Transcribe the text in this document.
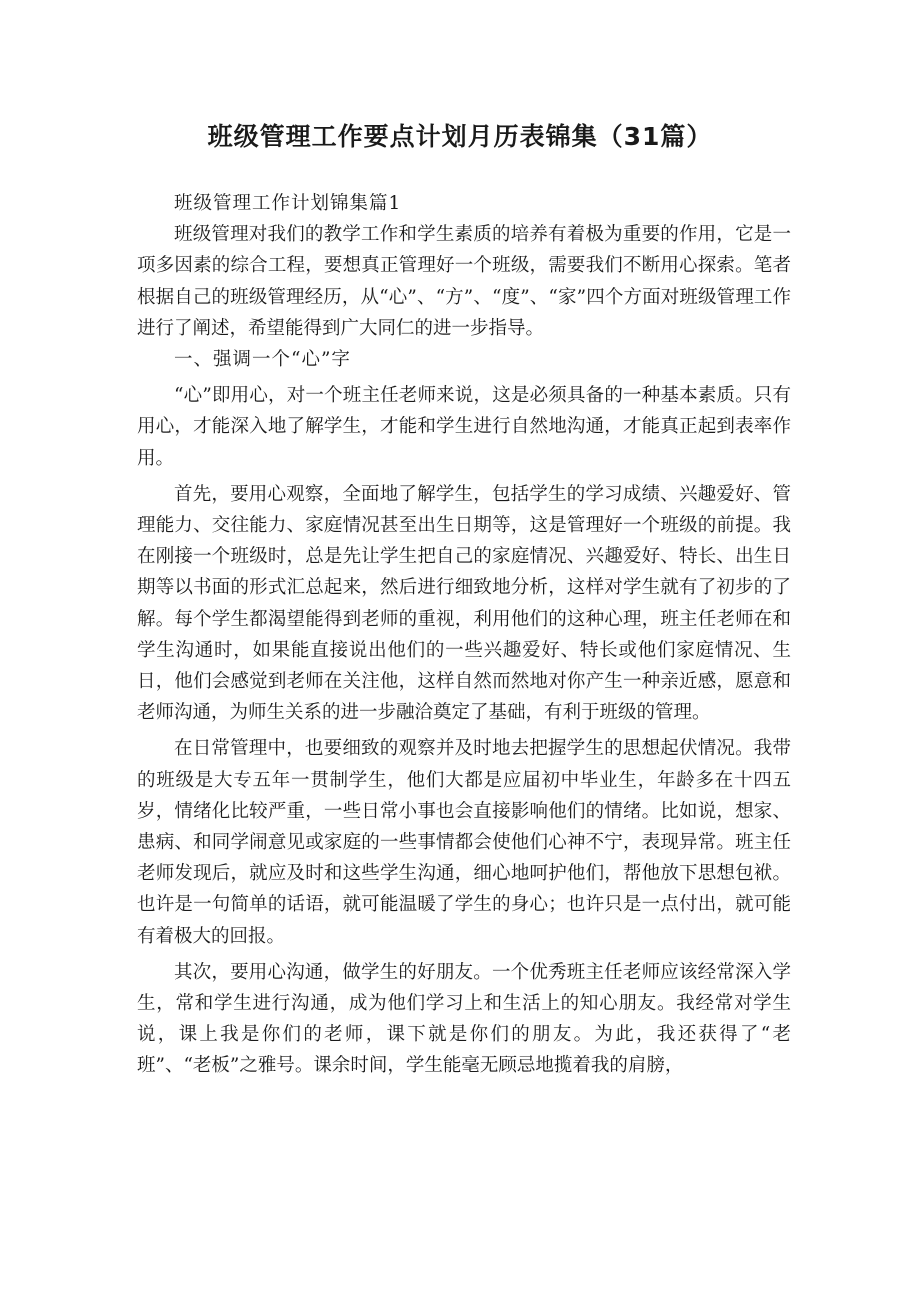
班级管理工作要点计划月历表锦集（31篇）

班级管理工作计划锦集篇1

班级管理对我们的教学工作和学生素质的培养有着极为重要的作用，它是一项多因素的综合工程，要想真正管理好一个班级，需要我们不断用心探索。笔者根据自己的班级管理经历，从“心”、“方”、“度”、“家”四个方面对班级管理工作进行了阐述，希望能得到广大同仁的进一步指导。

一、强调一个“心”字

“心”即用心，对一个班主任老师来说，这是必须具备的一种基本素质。只有用心，才能深入地了解学生，才能和学生进行自然地沟通，才能真正起到表率作用。

首先，要用心观察，全面地了解学生，包括学生的学习成绩、兴趣爱好、管理能力、交往能力、家庭情况甚至出生日期等，这是管理好一个班级的前提。我在刚接一个班级时，总是先让学生把自己的家庭情况、兴趣爱好、特长、出生日期等以书面的形式汇总起来，然后进行细致地分析，这样对学生就有了初步的了解。每个学生都渴望能得到老师的重视，利用他们的这种心理，班主任老师在和学生沟通时，如果能直接说出他们的一些兴趣爱好、特长或他们家庭情况、生日，他们会感觉到老师在关注他，这样自然而然地对你产生一种亲近感，愿意和老师沟通，为师生关系的进一步融洽奠定了基础，有利于班级的管理。

在日常管理中，也要细致的观察并及时地去把握学生的思想起伏情况。我带的班级是大专五年一贯制学生，他们大都是应届初中毕业生，年龄多在十四五岁，情绪化比较严重，一些日常小事也会直接影响他们的情绪。比如说，想家、患病、和同学闹意见或家庭的一些事情都会使他们心神不宁，表现异常。班主任老师发现后，就应及时和这些学生沟通，细心地呵护他们，帮他放下思想包袱。也许是一句简单的话语，就可能温暖了学生的身心；也许只是一点付出，就可能有着极大的回报。

其次，要用心沟通，做学生的好朋友。一个优秀班主任老师应该经常深入学生，常和学生进行沟通，成为他们学习上和生活上的知心朋友。我经常对学生说，课上我是你们的老师，课下就是你们的朋友。为此，我还获得了“老班”、“老板”之雅号。课余时间，学生能毫无顾忌地揽着我的肩膀，
